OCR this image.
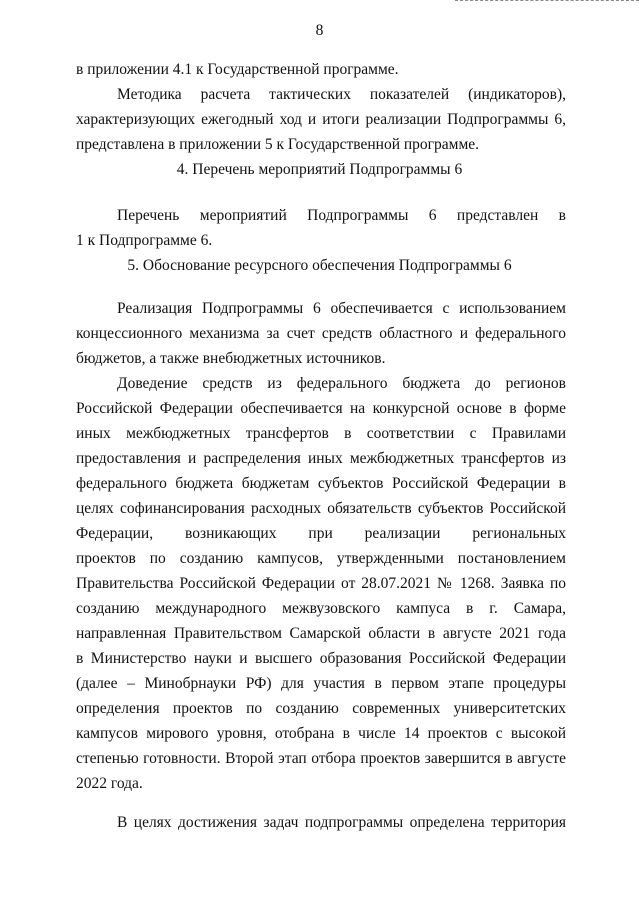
8
в приложении 4.1 к Государственной программе.
Методика расчета тактических показателей (индикаторов),
характеризующих ежегодный ход и итоги реализации Подпрограммы 6,
представлена в приложении 5 к Государственной программе.
4. Перечень мероприятий Подпрограммы 6
Перечень мероприятий Подпрограммы 6 представлен в
1 к Подпрограмме 6.
5. Обоснование ресурсного обеспечения Подпрограммы 6
Реализация Подпрограммы 6 обеспечивается с использованием
концессионного механизма за счет средств областного и федерального
бюджетов, а также внебюджетных источников.
Доведение средств из федерального бюджета до регионов
Российской Федерации обеспечивается на конкурсной основе в форме
иных межбюджетных трансфертов в соответствии с Правилами
предоставления и распределения иных межбюджетных трансфертов из
федерального бюджета бюджетам субъектов Российской Федерации в
целях софинансирования расходных обязательств субъектов Российской
Федерации, возникающих при реализации региональных
проектов по созданию кампусов, утвержденными постановлением
Правительства Российской Федерации от 28.07.2021 № 1268. Заявка по
созданию международного межвузовского кампуса в г. Самара,
направленная Правительством Самарской области в августе 2021 года
в Министерство науки и высшего образования Российской Федерации
(далее – Минобрнауки РФ) для участия в первом этапе процедуры
определения проектов по созданию современных университетских
кампусов мирового уровня, отобрана в числе 14 проектов с высокой
степенью готовности. Второй этап отбора проектов завершится в августе
2022 года.
В целях достижения задач подпрограммы определена территория
